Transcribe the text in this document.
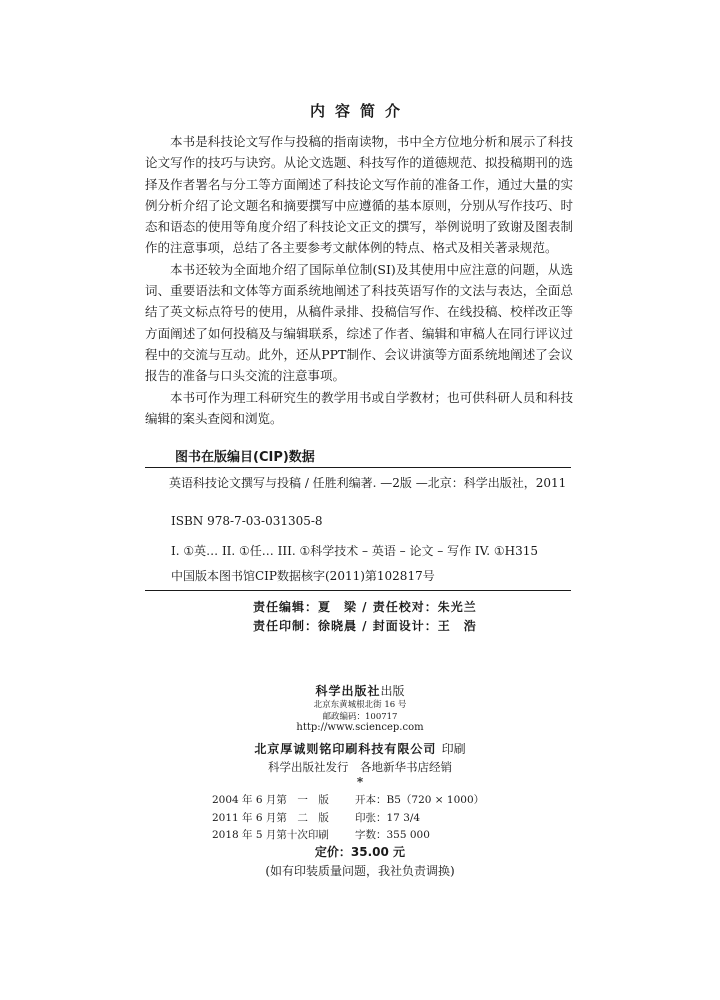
内容简介

本书是科技论文写作与投稿的指南读物，书中全方位地分析和展示了科技论文写作的技巧与诀窍。从论文选题、科技写作的道德规范、拟投稿期刊的选择及作者署名与分工等方面阐述了科技论文写作前的准备工作，通过大量的实例分析介绍了论文题名和摘要撰写中应遵循的基本原则，分别从写作技巧、时态和语态的使用等角度介绍了科技论文正文的撰写，举例说明了致谢及图表制作的注意事项，总结了各主要参考文献体例的特点、格式及相关著录规范。

本书还较为全面地介绍了国际单位制(SI)及其使用中应注意的问题，从选词、重要语法和文体等方面系统地阐述了科技英语写作的文法与表达，全面总结了英文标点符号的使用，从稿件录排、投稿信写作、在线投稿、校样改正等方面阐述了如何投稿及与编辑联系，综述了作者、编辑和审稿人在同行评议过程中的交流与互动。此外，还从PPT制作、会议讲演等方面系统地阐述了会议报告的准备与口头交流的注意事项。

本书可作为理工科研究生的教学用书或自学教材；也可供科研人员和科技编辑的案头查阅和浏览。

图书在版编目(CIP)数据
英语科技论文撰写与投稿 / 任胜利编著. —2版 —北京：科学出版社，2011
ISBN 978-7-03-031305-8
I. ①英… II. ①任… III. ①科学技术 – 英语 – 论文 – 写作 IV. ①H315
中国版本图书馆CIP数据核字(2011)第102817号
责任编辑：夏　梁 / 责任校对：朱光兰
责任印制：徐晓晨 / 封面设计：王　浩
科学出版社出版
北京东黄城根北街 16 号
邮政编码：100717
http://www.sciencep.com
北京厚诚则铭印刷科技有限公司 印刷
科学出版社发行　各地新华书店经销
*
2004 年 6 月第　一　版 开本：B5（720 × 1000）
2011 年 6 月第　二　版 印张：17 3/4
2018 年 5 月第十次印刷 字数：355 000
定价：35.00 元
(如有印装质量问题，我社负责调换)
